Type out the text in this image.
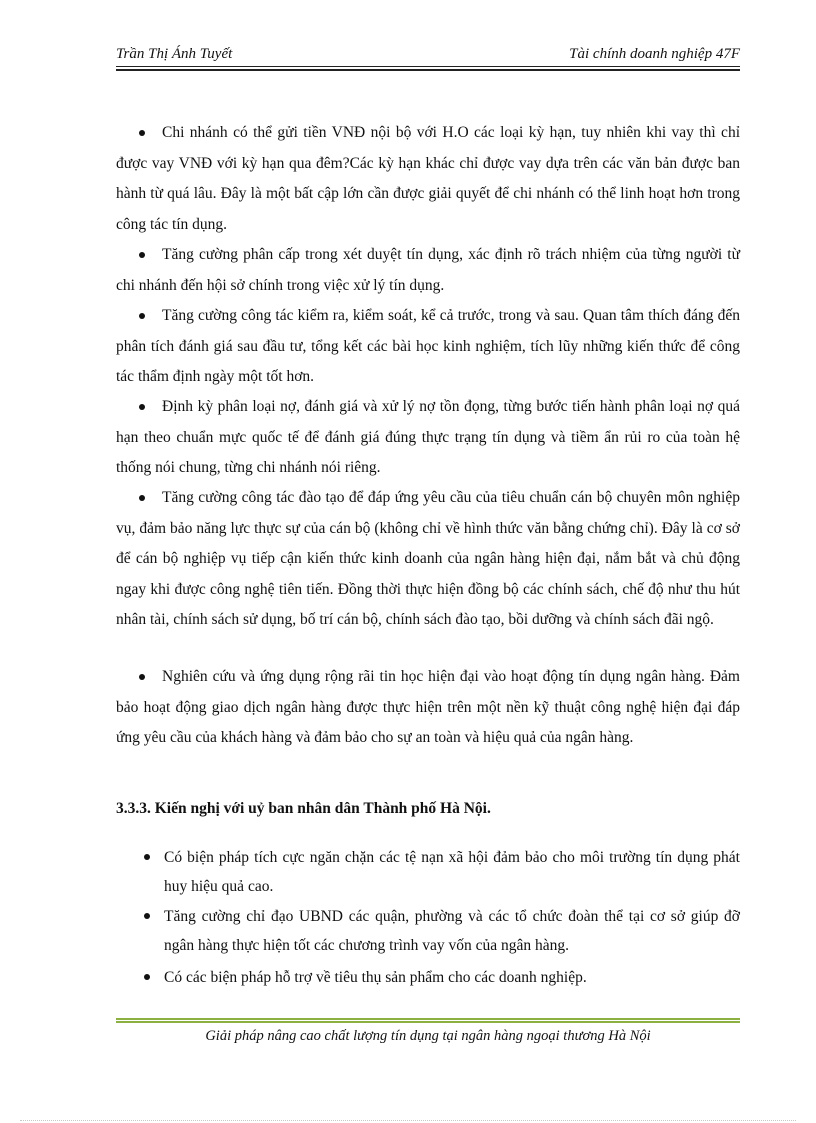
Trần Thị Ánh Tuyết	Tài chính doanh nghiệp 47F

Chi nhánh có thể gửi tiền VNĐ nội bộ với H.O các loại kỳ hạn, tuy nhiên khi vay thì chỉ được vay VNĐ với kỳ hạn qua đêm?Các kỳ hạn khác chỉ được vay dựa trên các văn bản được ban hành từ quá lâu. Đây là một bất cập lớn cần được giải quyết để chi nhánh có thể linh hoạt hơn trong công tác tín dụng.

Tăng cường phân cấp trong xét duyệt tín dụng, xác định rõ trách nhiệm của từng người từ chi nhánh đến hội sở chính trong việc xử lý tín dụng.

Tăng cường công tác kiểm ra, kiểm soát, kể cả trước, trong và sau. Quan tâm thích đáng đến phân tích đánh giá sau đầu tư, tổng kết các bài học kinh nghiệm, tích lũy những kiến thức để công tác thẩm định ngày một tốt hơn.

Định kỳ phân loại nợ, đánh giá và xử lý nợ tồn đọng, từng bước tiến hành phân loại nợ quá hạn theo chuẩn mực quốc tế để đánh giá đúng thực trạng tín dụng và tiềm ẩn rủi ro của toàn hệ thống nói chung, từng chi nhánh nói riêng.

Tăng cường công tác đào tạo để đáp ứng yêu cầu của tiêu chuẩn cán bộ chuyên môn nghiệp vụ, đảm bảo năng lực thực sự của cán bộ (không chỉ về hình thức văn bằng chứng chỉ). Đây là cơ sở để cán bộ nghiệp vụ tiếp cận kiến thức kinh doanh của ngân hàng hiện đại, nắm bắt và chủ động ngay khi được công nghệ tiên tiến. Đồng thời thực hiện đồng bộ các chính sách, chế độ như thu hút nhân tài, chính sách sử dụng, bố trí cán bộ, chính sách đào tạo, bồi dưỡng và chính sách đãi ngộ.

Nghiên cứu và ứng dụng rộng rãi tin học hiện đại vào hoạt động tín dụng ngân hàng. Đảm bảo hoạt động giao dịch ngân hàng được thực hiện trên một nền kỹ thuật công nghệ hiện đại đáp ứng yêu cầu của khách hàng và đảm bảo cho sự an toàn và hiệu quả của ngân hàng.

3.3.3. Kiến nghị với uỷ ban nhân dân Thành phố Hà Nội.

Có biện pháp tích cực ngăn chặn các tệ nạn xã hội đảm bảo cho môi trường tín dụng phát huy hiệu quả cao.

Tăng cường chỉ đạo UBND các quận, phường và các tổ chức đoàn thể tại cơ sở giúp đỡ ngân hàng thực hiện tốt các chương trình vay vốn của ngân hàng.

Có các biện pháp hỗ trợ về tiêu thụ sản phẩm cho các doanh nghiệp.

Giải pháp nâng cao chất lượng tín dụng tại ngân hàng ngoại thương Hà Nội
